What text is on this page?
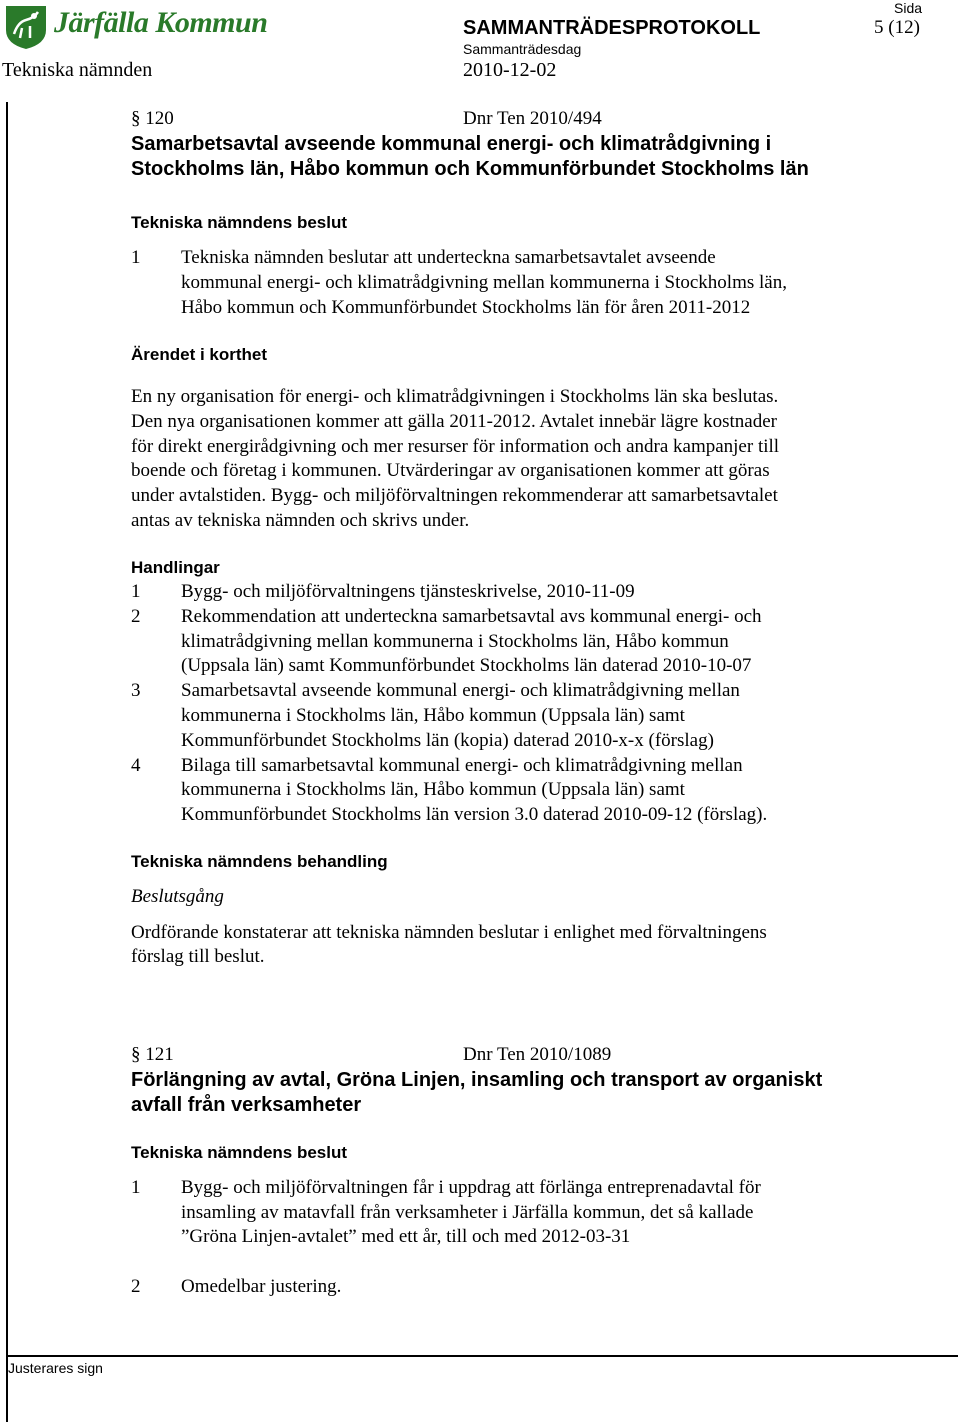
Järfälla Kommun	Sida
SAMMANTRÄDESPROTOKOLL	5 (12)
Sammanträdesdag
Tekniska nämnden	2010-12-02
§ 120	Dnr Ten 2010/494
Samarbetsavtal avseende kommunal energi- och klimatrådgivning i
Stockholms län, Håbo kommun och Kommunförbundet Stockholms län
Tekniska nämndens beslut
1 Tekniska nämnden beslutar att underteckna samarbetsavtalet avseende
kommunal energi- och klimatrådgivning mellan kommunerna i Stockholms län,
Håbo kommun och Kommunförbundet Stockholms län för åren 2011-2012
Ärendet i korthet
En ny organisation för energi- och klimatrådgivningen i Stockholms län ska beslutas.
Den nya organisationen kommer att gälla 2011-2012. Avtalet innebär lägre kostnader
för direkt energirådgivning och mer resurser för information och andra kampanjer till
boende och företag i kommunen. Utvärderingar av organisationen kommer att göras
under avtalstiden. Bygg- och miljöförvaltningen rekommenderar att samarbetsavtalet
antas av tekniska nämnden och skrivs under.
Handlingar
1 Bygg- och miljöförvaltningens tjänsteskrivelse, 2010-11-09
2 Rekommendation att underteckna samarbetsavtal avs kommunal energi- och
klimatrådgivning mellan kommunerna i Stockholms län, Håbo kommun
(Uppsala län) samt Kommunförbundet Stockholms län daterad 2010-10-07
3 Samarbetsavtal avseende kommunal energi- och klimatrådgivning mellan
kommunerna i Stockholms län, Håbo kommun (Uppsala län) samt
Kommunförbundet Stockholms län (kopia) daterad 2010-x-x (förslag)
4 Bilaga till samarbetsavtal kommunal energi- och klimatrådgivning mellan
kommunerna i Stockholms län, Håbo kommun (Uppsala län) samt
Kommunförbundet Stockholms län version 3.0 daterad 2010-09-12 (förslag).
Tekniska nämndens behandling
Beslutsgång
Ordförande konstaterar att tekniska nämnden beslutar i enlighet med förvaltningens
förslag till beslut.
§ 121	Dnr Ten 2010/1089
Förlängning av avtal, Gröna Linjen, insamling och transport av organiskt
avfall från verksamheter
Tekniska nämndens beslut
1 Bygg- och miljöförvaltningen får i uppdrag att förlänga entreprenadavtal för
insamling av matavfall från verksamheter i Järfälla kommun, det så kallade
”Gröna Linjen-avtalet” med ett år, till och med 2012-03-31
2 Omedelbar justering.
Justerares sign
